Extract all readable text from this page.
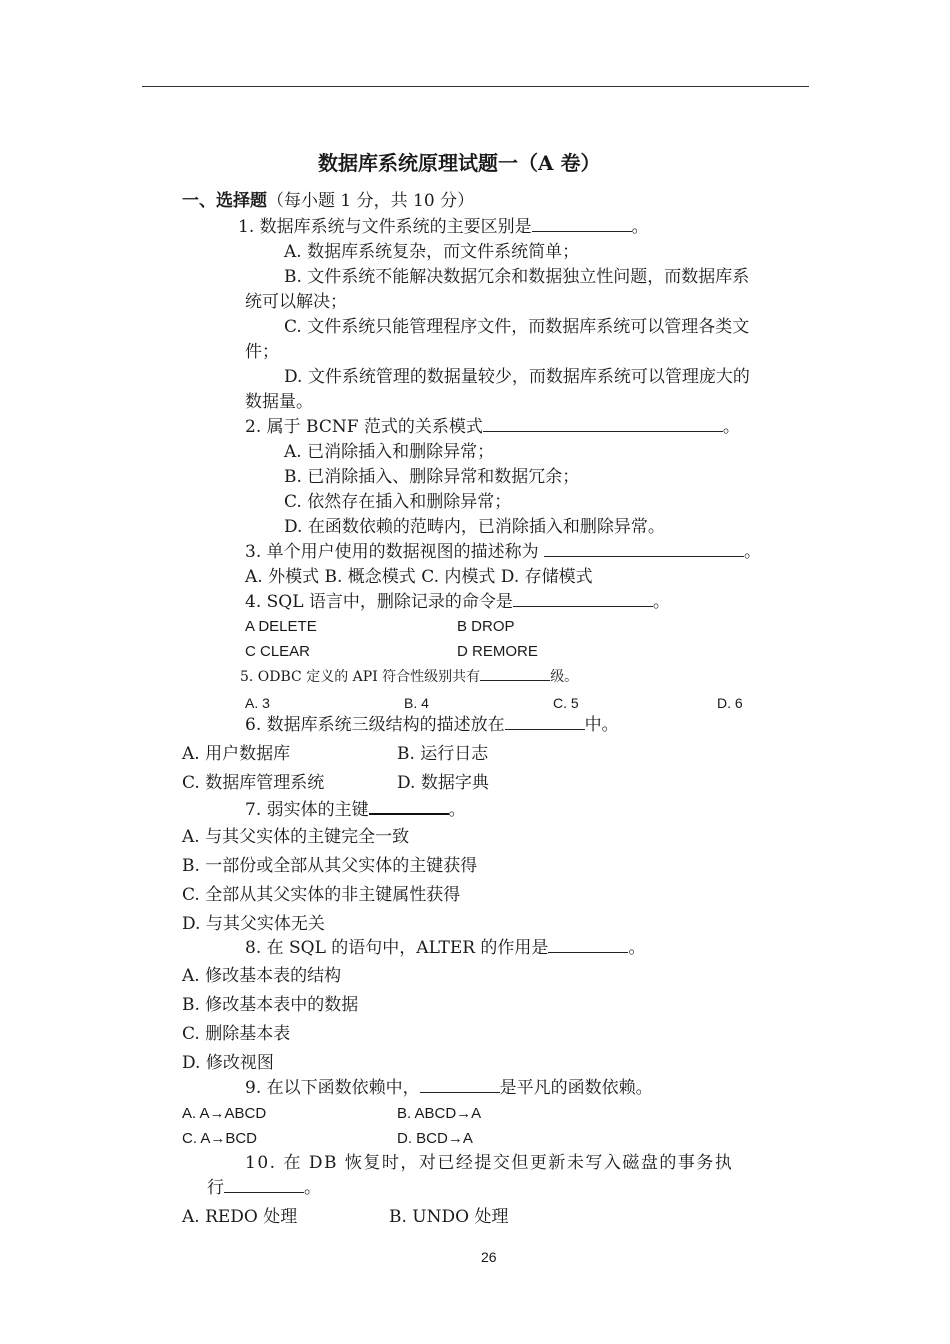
数据库系统原理试题一（A 卷）
一、选择题（每小题 1 分，共 10 分）
1. 数据库系统与文件系统的主要区别是	。
A. 数据库系统复杂，而文件系统简单；
B. 文件系统不能解决数据冗余和数据独立性问题，而数据库系
统可以解决；
C. 文件系统只能管理程序文件，而数据库系统可以管理各类文
件；
D. 文件系统管理的数据量较少，而数据库系统可以管理庞大的
数据量。
2. 属于 BCNF 范式的关系模式	。
A. 已消除插入和删除异常；
B. 已消除插入、删除异常和数据冗余；
C. 依然存在插入和删除异常；
D. 在函数依赖的范畴内，已消除插入和删除异常。
3. 单个用户使用的数据视图的描述称为	。
A. 外模式 B. 概念模式 C. 内模式 D. 存储模式
4. SQL 语言中，删除记录的命令是	。
A DELETE	B DROP
C CLEAR	D REMORE
5. ODBC 定义的 API 符合性级别共有	级。
A. 3	B. 4	C. 5	D. 6
6. 数据库系统三级结构的描述放在	中。
A. 用户数据库	B. 运行日志
C. 数据库管理系统	D. 数据字典
7. 弱实体的主键	。
A. 与其父实体的主键完全一致
B. 一部份或全部从其父实体的主键获得
C. 全部从其父实体的非主键属性获得
D. 与其父实体无关
8. 在 SQL 的语句中，ALTER 的作用是	。
A. 修改基本表的结构
B. 修改基本表中的数据
C. 删除基本表
D. 修改视图
9. 在以下函数依赖中，	是平凡的函数依赖。
A. A→ABCD	B. ABCD→A
C. A→BCD	D. BCD→A
10. 在 DB 恢复时，对已经提交但更新未写入磁盘的事务执
行	。
A. REDO 处理	B. UNDO 处理
26
